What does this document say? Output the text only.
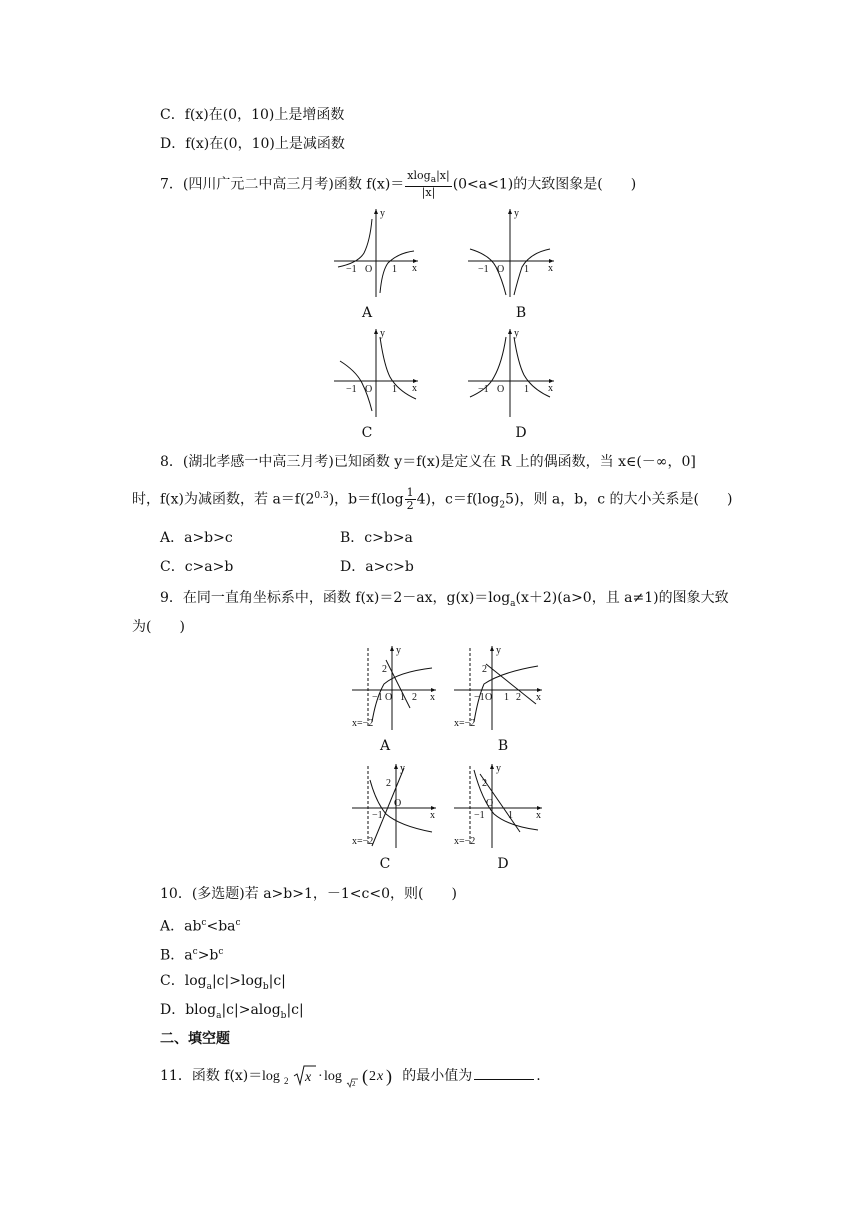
C．f(x)在(0，10)上是增函数
D．f(x)在(0，10)上是减函数
7．(四川广元二中高三月考)函数 $f(x)= \frac{xlog_a|x|}{|x|} (0<a<1)$的大致图象是(　　)
y
x
−1 O 1
A
y
x
−1 O 1
B
y
x
−1 O 1
C
y
x
−1 O 1
D
8．(湖北孝感一中高三月考)已知函数 y＝f(x)是定义在 R 上的偶函数，当 x∈(－∞，0]
时，f(x)为减函数，若 $a=f(2^{0.3})$，$b=f(\log \frac{1}{2} 4)$，$c=f(\log_25)$，则 a，b，c 的大小关系是(　　)
A．a>b>c	B．c>b>a
C．c>a>b	D．a>c>b
9．在同一直角坐标系中，函数 f(x)＝2－ax，$g(x)=\log_a(x+2)(a>0$，且 a≠1)的图象大致
为(　　)
y
x
2
−1 O 1 2
x=−2
A
y
x
2
−1 O 1 2
x=−2
B
y
x
2
−1
O
x=−2
C
y
x
2
−1
O
1
x=−2
D
10．(多选题)若 a>b>1，－1<c<0，则(　　)
A．$ab^c<ba^c$
B．$a^c>b^c$
C．$\log_a|c|>\log_b|c|$
D．blog$_a$|c|>alog$_b$|c|
二、填空题
11．函数 f(x)＝ log 2 x · log 2 ( 2 x ) 的最小值为	.
